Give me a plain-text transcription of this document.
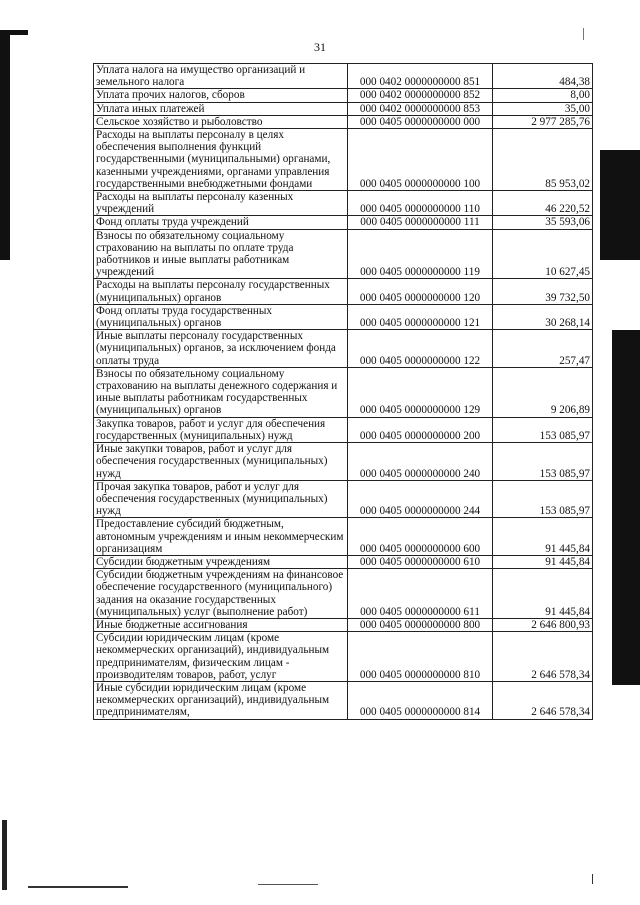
31
Уплата налога на имущество организаций и земельного налога	000 0402 0000000000 851	484,38
Уплата прочих налогов, сборов	000 0402 0000000000 852	8,00
Уплата иных платежей	000 0402 0000000000 853	35,00
Сельское хозяйство и рыболовство	000 0405 0000000000 000	2 977 285,76
Расходы на выплаты персоналу в целях обеспечения выполнения функций государственными (муниципальными) органами, казенными учреждениями, органами управления государственными внебюджетными фондами	000 0405 0000000000 100	85 953,02
Расходы на выплаты персоналу казенных учреждений	000 0405 0000000000 110	46 220,52
Фонд оплаты труда учреждений	000 0405 0000000000 111	35 593,06
Взносы по обязательному социальному страхованию на выплаты по оплате труда работников и иные выплаты работникам учреждений	000 0405 0000000000 119	10 627,45
Расходы на выплаты персоналу государственных (муниципальных) органов	000 0405 0000000000 120	39 732,50
Фонд оплаты труда государственных (муниципальных) органов	000 0405 0000000000 121	30 268,14
Иные выплаты персоналу государственных (муниципальных) органов, за исключением фонда оплаты труда	000 0405 0000000000 122	257,47
Взносы по обязательному социальному страхованию на выплаты денежного содержания и иные выплаты работникам государственных (муниципальных) органов	000 0405 0000000000 129	9 206,89
Закупка товаров, работ и услуг для обеспечения государственных (муниципальных) нужд	000 0405 0000000000 200	153 085,97
Иные закупки товаров, работ и услуг для обеспечения государственных (муниципальных) нужд	000 0405 0000000000 240	153 085,97
Прочая закупка товаров, работ и услуг для обеспечения государственных (муниципальных) нужд	000 0405 0000000000 244	153 085,97
Предоставление субсидий бюджетным, автономным учреждениям и иным некоммерческим организациям	000 0405 0000000000 600	91 445,84
Субсидии бюджетным учреждениям	000 0405 0000000000 610	91 445,84
Субсидии бюджетным учреждениям на финансовое обеспечение государственного (муниципального) задания на оказание государственных (муниципальных) услуг (выполнение работ)	000 0405 0000000000 611	91 445,84
Иные бюджетные ассигнования	000 0405 0000000000 800	2 646 800,93
Субсидии юридическим лицам (кроме некоммерческих организаций), индивидуальным предпринимателям, физическим лицам - производителям товаров, работ, услуг	000 0405 0000000000 810	2 646 578,34
Иные субсидии юридическим лицам (кроме некоммерческих организаций), индивидуальным предпринимателям,	000 0405 0000000000 814	2 646 578,34
